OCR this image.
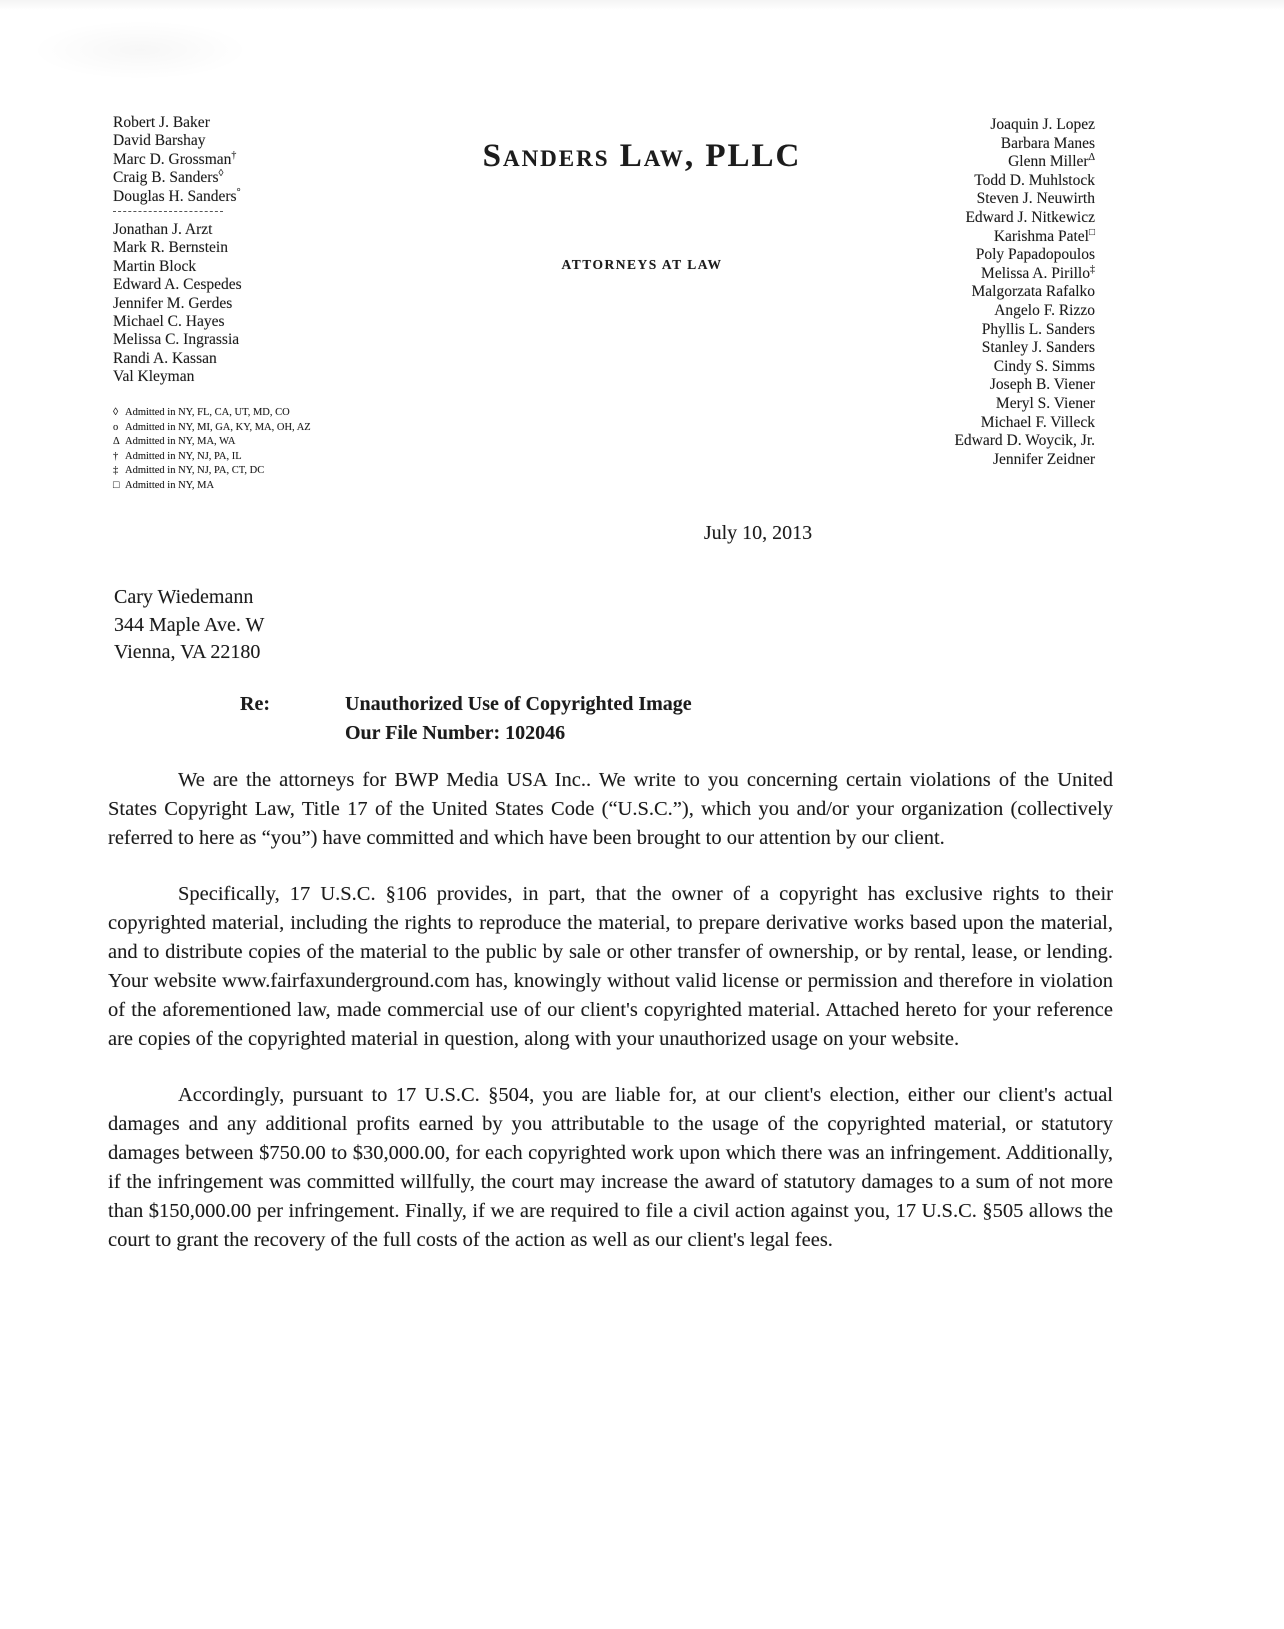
Robert J. Baker
David Barshay
Marc D. Grossman†
Craig B. Sanders◊
Douglas H. Sanders°
Jonathan J. Arzt
Mark R. Bernstein
Martin Block
Edward A. Cespedes
Jennifer M. Gerdes
Michael C. Hayes
Melissa C. Ingrassia
Randi A. Kassan
Val Kleyman
◊ Admitted in NY, FL, CA, UT, MD, CO
o Admitted in NY, MI, GA, KY, MA, OH, AZ
Δ Admitted in NY, MA, WA
† Admitted in NY, NJ, PA, IL
‡ Admitted in NY, NJ, PA, CT, DC
□ Admitted in NY, MA
Sanders Law, PLLC
ATTORNEYS AT LAW
Joaquin J. Lopez
Barbara Manes
Glenn Miller$^\Delta$
Todd D. Muhlstock
Steven J. Neuwirth
Edward J. Nitkewicz
Karishma Patel□
Poly Papadopoulos
Melissa A. Pirillo‡
Malgorzata Rafalko
Angelo F. Rizzo
Phyllis L. Sanders
Stanley J. Sanders
Cindy S. Simms
Joseph B. Viener
Meryl S. Viener
Michael F. Villeck
Edward D. Woycik, Jr.
Jennifer Zeidner
July 10, 2013
Cary Wiedemann
344 Maple Ave. W
Vienna, VA 22180
Re:	Unauthorized Use of Copyrighted Image
Our File Number: 102046

We are the attorneys for BWP Media USA Inc.. We write to you concerning certain violations of the United States Copyright Law, Title 17 of the United States Code (“U.S.C.”), which you and/or your organization (collectively referred to here as “you”) have committed and which have been brought to our attention by our client.

Specifically, 17 U.S.C. §106 provides, in part, that the owner of a copyright has exclusive rights to their copyrighted material, including the rights to reproduce the material, to prepare derivative works based upon the material, and to distribute copies of the material to the public by sale or other transfer of ownership, or by rental, lease, or lending. Your website www.fairfaxunderground.com has, knowingly without valid license or permission and therefore in violation of the aforementioned law, made commercial use of our client's copyrighted material. Attached hereto for your reference are copies of the copyrighted material in question, along with your unauthorized usage on your website.

Accordingly, pursuant to 17 U.S.C. §504, you are liable for, at our client's election, either our client's actual damages and any additional profits earned by you attributable to the usage of the copyrighted material, or statutory damages between $750.00 to $30,000.00, for each copyrighted work upon which there was an infringement. Additionally, if the infringement was committed willfully, the court may increase the award of statutory damages to a sum of not more than $150,000.00 per infringement. Finally, if we are required to file a civil action against you, 17 U.S.C. §505 allows the court to grant the recovery of the full costs of the action as well as our client's legal fees.
